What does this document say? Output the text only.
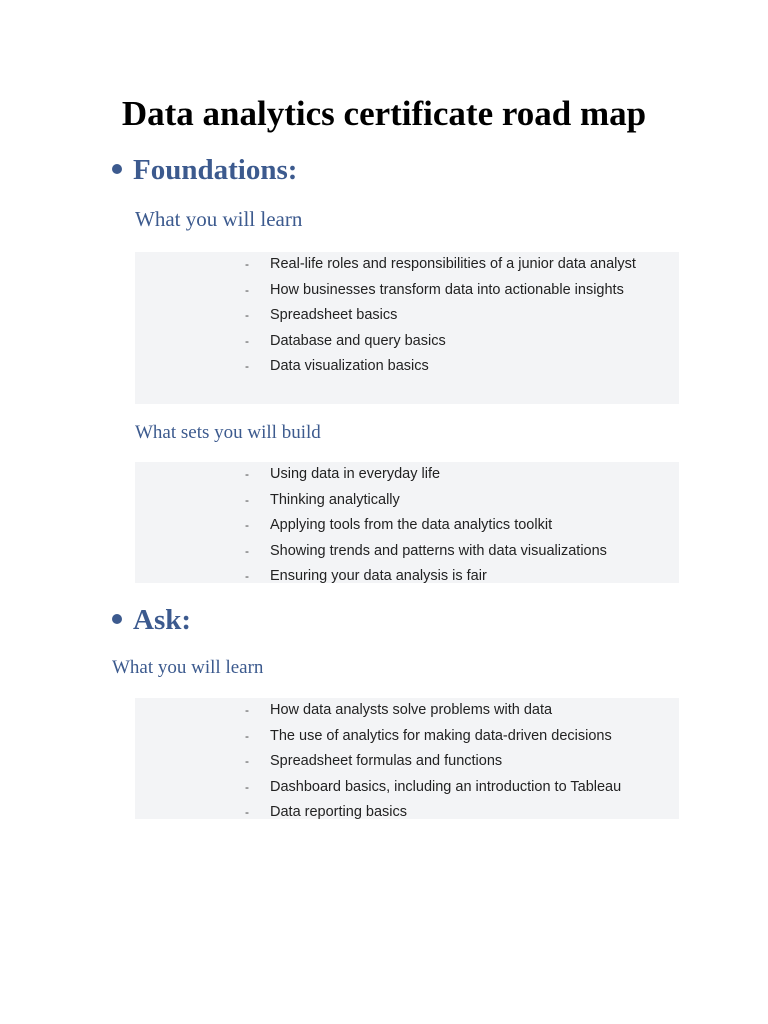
Data analytics certificate road map
Foundations:
What you will learn
- Real-life roles and responsibilities of a junior data analyst
- How businesses transform data into actionable insights
- Spreadsheet basics
- Database and query basics
- Data visualization basics
What sets you will build
- Using data in everyday life
- Thinking analytically
- Applying tools from the data analytics toolkit
- Showing trends and patterns with data visualizations
- Ensuring your data analysis is fair
Ask:
What you will learn
- How data analysts solve problems with data
- The use of analytics for making data-driven decisions
- Spreadsheet formulas and functions
- Dashboard basics, including an introduction to Tableau
- Data reporting basics
